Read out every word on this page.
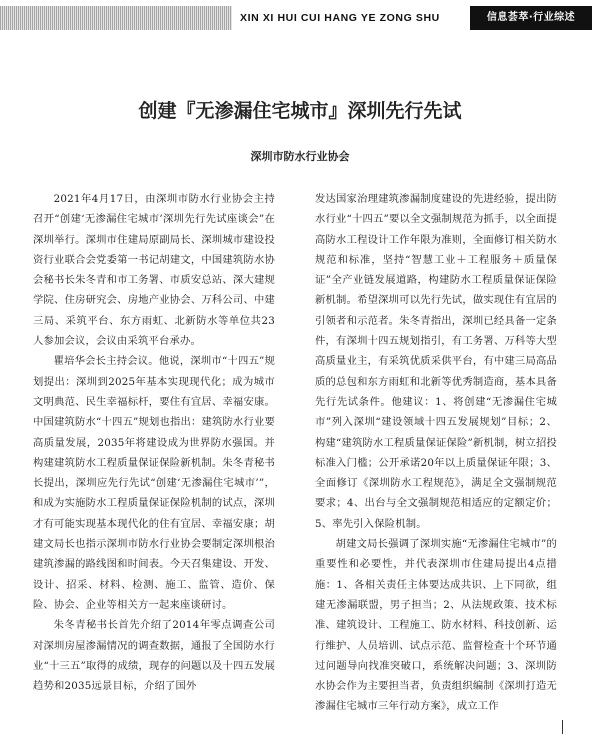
XIN XI HUI CUI HANG YE ZONG SHU	信息荟萃·行业综述
创建『无渗漏住宅城市』深圳先行先试
深圳市防水行业协会

2021年4月17日，由深圳市防水行业协会主持召开“创建‘无渗漏住宅城市’深圳先行先试座谈会”在深圳举行。深圳市住建局原副局长、深圳城市建设投资行业联合会党委第一书记胡建文，中国建筑防水协会秘书长朱冬青和市工务署、市质安总站、深大建规学院、住房研究会、房地产业协会、万科公司、中建三局、采筑平台、东方雨虹、北新防水等单位共23人参加会议，会议由采筑平台承办。

瞿培华会长主持会议。他说，深圳市“十四五”规划提出：深圳到2025年基本实现现代化；成为城市文明典范、民生幸福标杆，要住有宜居、幸福安康。中国建筑防水“十四五”规划也指出：建筑防水行业要高质量发展，2035年将建设成为世界防水强国。并构建建筑防水工程质量保证保险新机制。朱冬青秘书长提出，深圳应先行先试“创建‘无渗漏住宅城市’”，和成为实施防水工程质量保证保险机制的试点，深圳才有可能实现基本现代化的住有宜居、幸福安康；胡建文局长也指示深圳市防水行业协会要制定深圳根治建筑渗漏的路线图和时间表。今天召集建设、开发、设计、招采、材料、检测、施工、监管、造价、保险、协会、企业等相关方一起来座谈研讨。

朱冬青秘书长首先介绍了2014年零点调查公司对深圳房屋渗漏情况的调查数据，通报了全国防水行业“十三五”取得的成绩，现存的问题以及十四五发展趋势和2035远景目标，介绍了国外

发达国家治理建筑渗漏制度建设的先进经验，提出防水行业“十四五”要以全文强制规范为抓手，以全面提高防水工程设计工作年限为准则，全面修订相关防水规范和标准，坚持“智慧工业＋工程服务＋质量保证”全产业链发展道路，构建防水工程质量保证保险新机制。希望深圳可以先行先试，做实现住有宜居的引领者和示范者。朱冬青指出，深圳已经具备一定条件，有深圳十四五规划指引，有工务署、万科等大型高质量业主，有采筑优质采供平台，有中建三局高品质的总包和东方雨虹和北新等优秀制造商，基本具备先行先试条件。他建议：1、将创建“无渗漏住宅城市”列入深圳“建设领域十四五发展规划”目标；2、构建“建筑防水工程质量保证保险”新机制，树立招投标准入门槛；公开承诺20年以上质量保证年限；3、全面修订《深圳防水工程规范》，满足全文强制规范要求；4、出台与全文强制规范相适应的定额定价；5、率先引入保险机制。

胡建文局长强调了深圳实施“无渗漏住宅城市”的重要性和必要性，并代表深圳市住建局提出4点措施：1、各相关责任主体要达成共识、上下同欲，组建无渗漏联盟，男子担当；2、从法规政策、技术标准、建筑设计、工程施工、防水材料、科技创新、运行维护、人员培训、试点示范、监督检查十个环节通过问题导向找准突破口，系统解决问题；3、深圳防水协会作为主要担当者，负责组织编制《深圳打造无渗漏住宅城市三年行动方案》，成立工作
